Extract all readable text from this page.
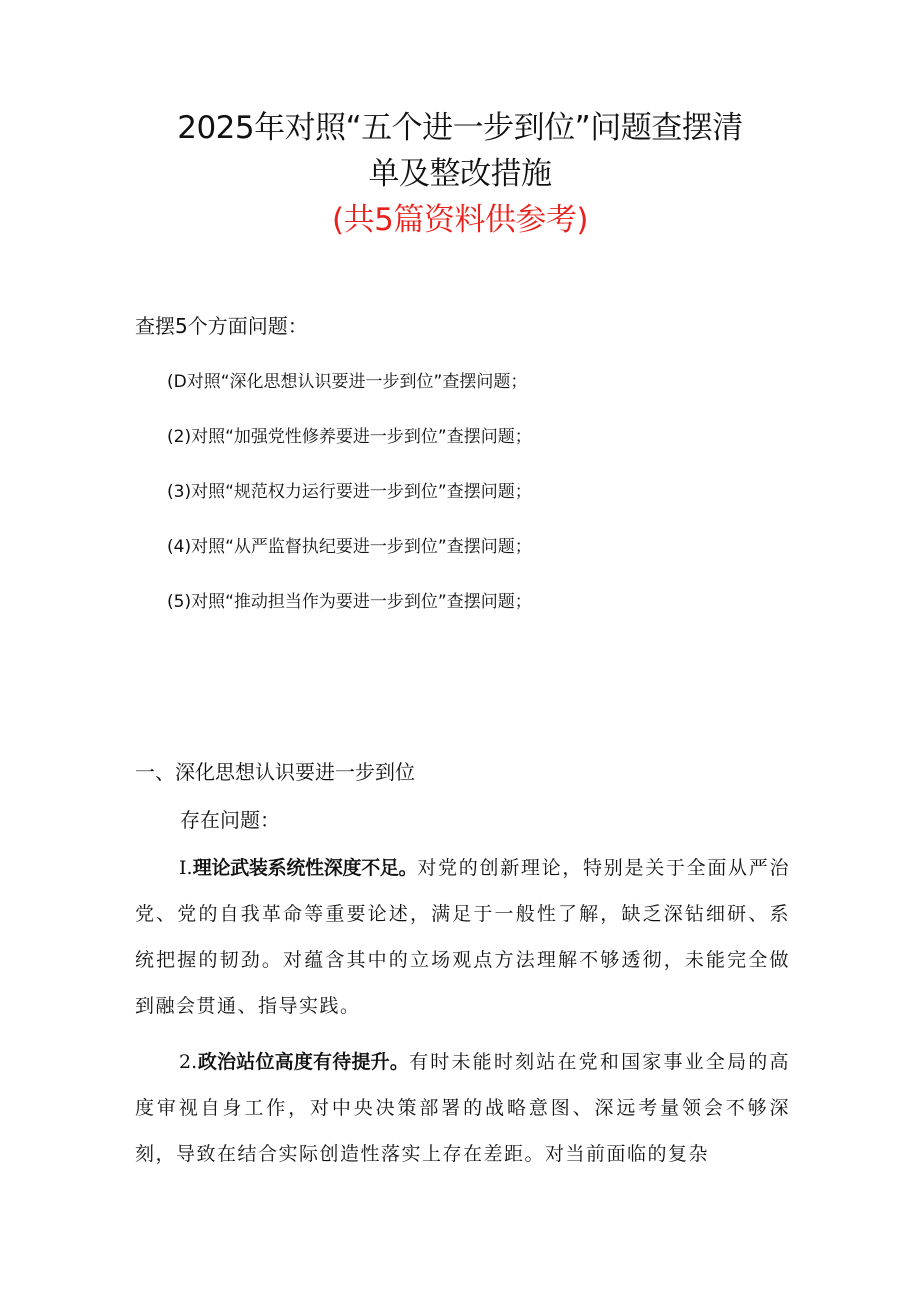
2025年对照“五个进一步到位”问题查摆清
单及整改措施
(共5篇资料供参考)
查摆5个方面问题：
(D对照“深化思想认识要进一步到位”查摆问题；
(2)对照“加强党性修养要进一步到位”查摆问题；
(3)对照“规范权力运行要进一步到位”查摆问题；
(4)对照“从严监督执纪要进一步到位”查摆问题；
(5)对照“推动担当作为要进一步到位”查摆问题；
一、深化思想认识要进一步到位
存在问题：
I.理论武装系统性深度不足。对党的创新理论，特别是关于全面从严治党、党的自我革命等重要论述，满足于一般性了解，缺乏深钻细研、系统把握的韧劲。对蕴含其中的立场观点方法理解不够透彻，未能完全做到融会贯通、指导实践。
2.政治站位高度有待提升。有时未能时刻站在党和国家事业全局的高度审视自身工作，对中央决策部署的战略意图、深远考量领会不够深刻，导致在结合实际创造性落实上存在差距。对当前面临的复杂
